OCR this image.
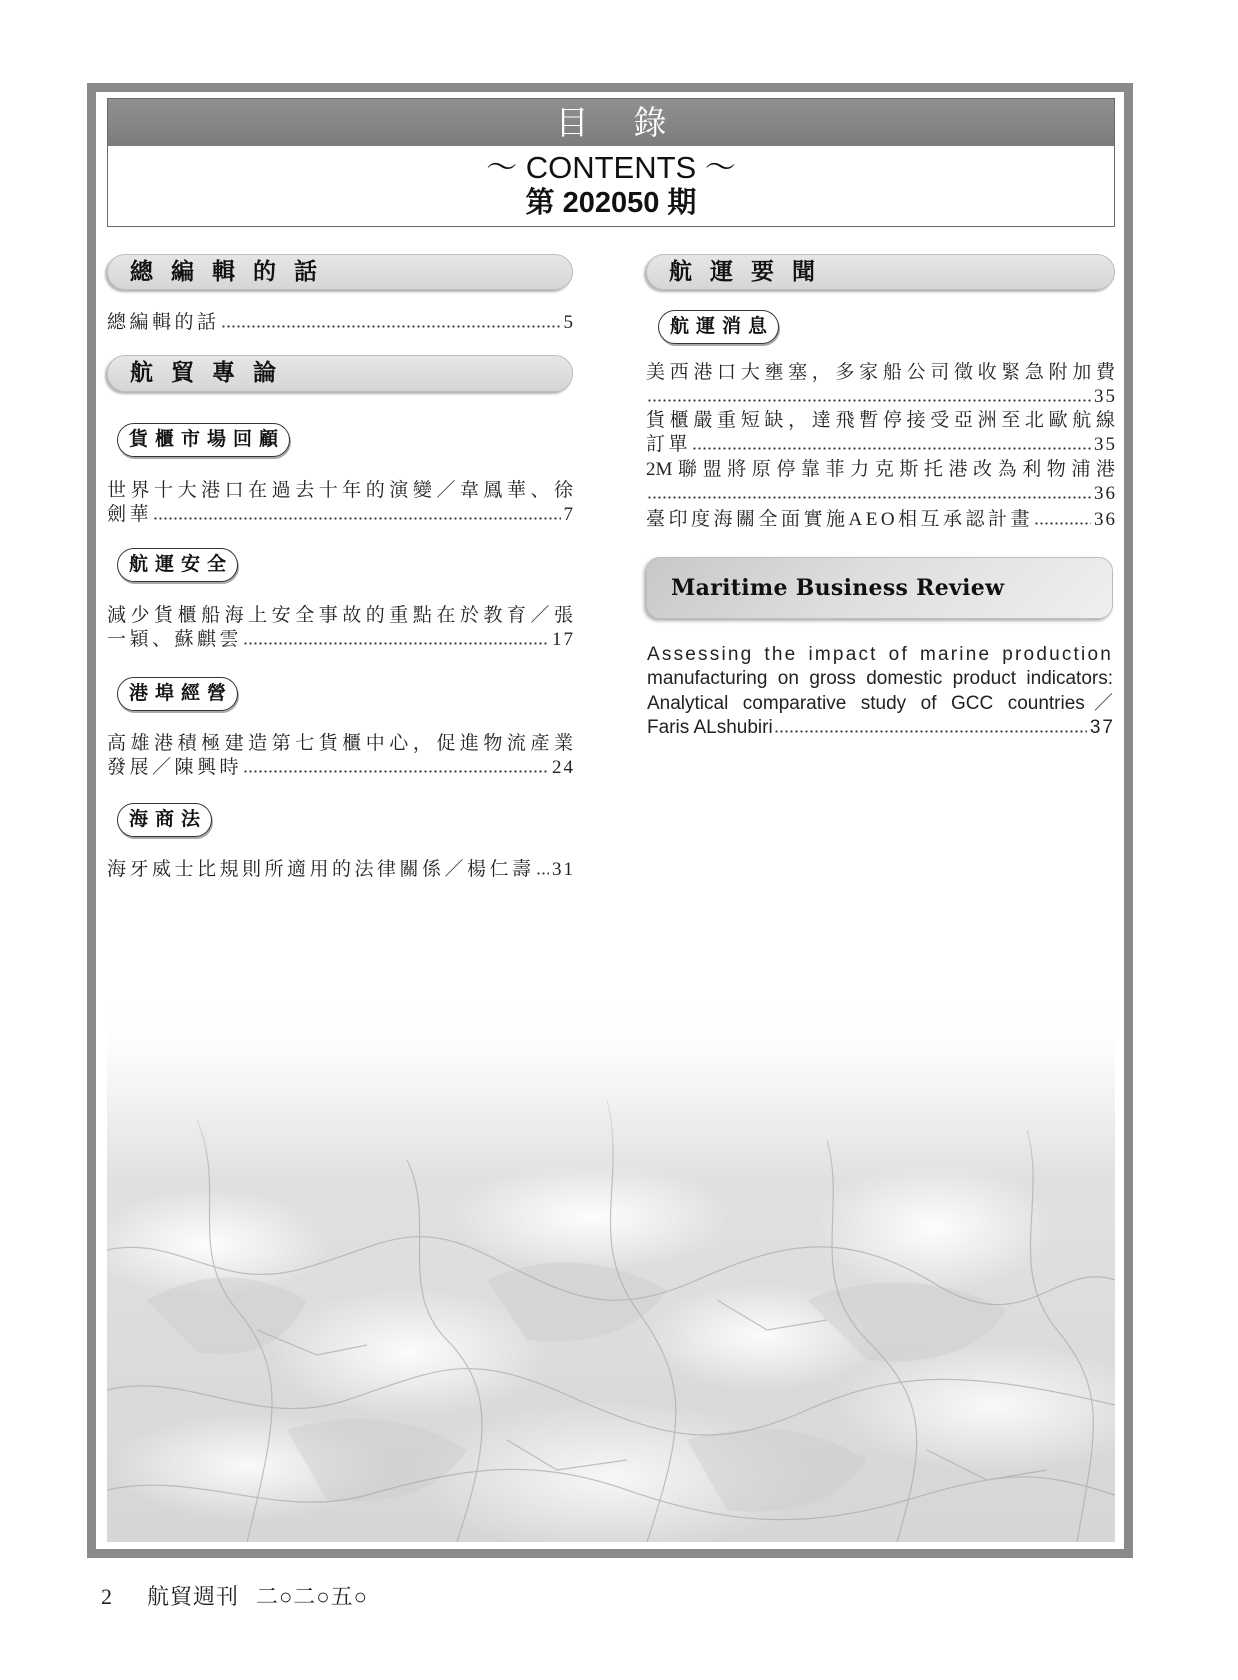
目錄
～ CONTENTS ～
第 202050 期
總編輯的話
總編輯的話	5
航貿專論
貨櫃市場回顧
世界十大港口在過去十年的演變／韋鳳華、徐
劍華	7
航運安全
減少貨櫃船海上安全事故的重點在於教育／張
一穎、蘇麒雲	17
港埠經營
高雄港積極建造第七貨櫃中心，促進物流產業
發展／陳興時	24
海商法
海牙威士比規則所適用的法律關係／楊仁壽 31
航運要聞
航運消息
美西港口大壅塞，多家船公司徵收緊急附加費
35
貨櫃嚴重短缺，達飛暫停接受亞洲至北歐航線
訂單	35
2M聯盟將原停靠菲力克斯托港改為利物浦港
36
臺印度海關全面實施AEO相互承認計畫	36
Maritime Business Review
Assessing the impact of marine production
manufacturing on gross domestic product indicators:
Analytical comparative study of GCC countries／
Faris ALshubiri	37
2 航貿週刊 二○二○五○
